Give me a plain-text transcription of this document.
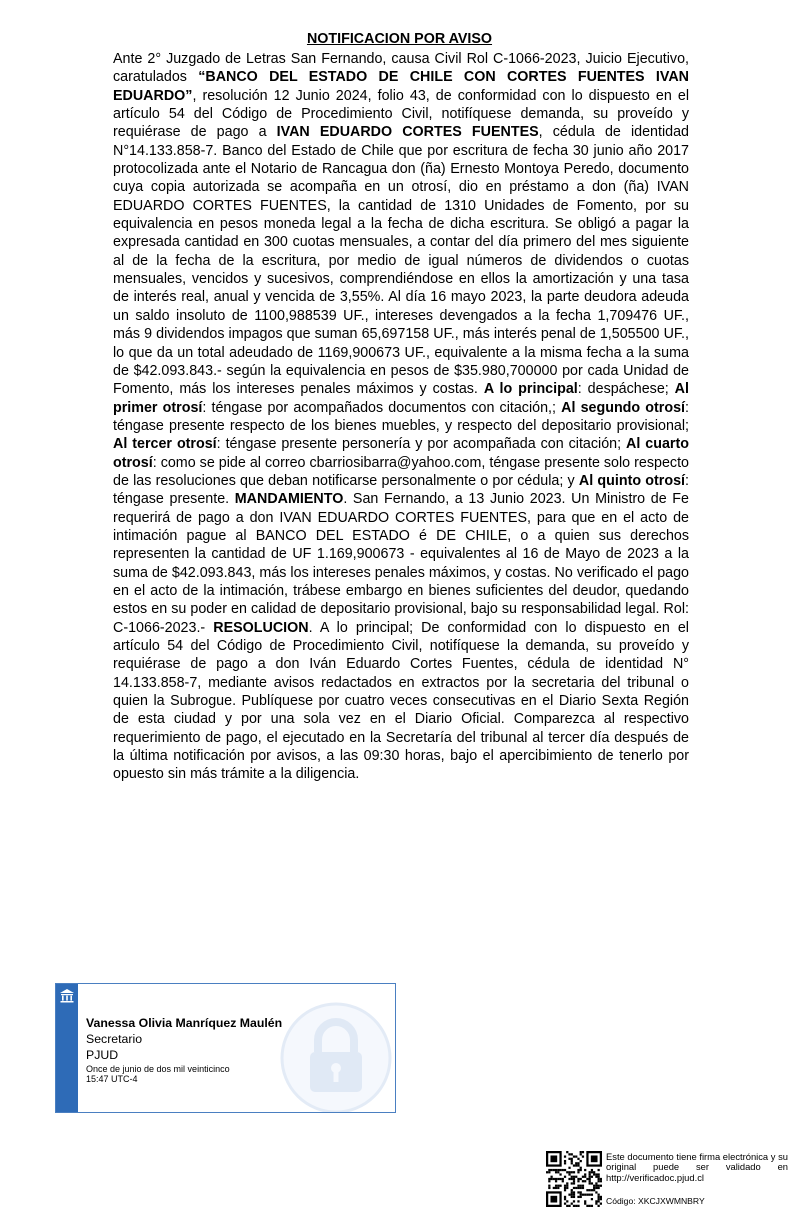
NOTIFICACION POR AVISO
Ante 2° Juzgado de Letras San Fernando, causa Civil Rol C-1066-2023, Juicio Ejecutivo, caratulados “BANCO DEL ESTADO DE CHILE CON CORTES FUENTES IVAN EDUARDO”, resolución 12 Junio 2024, folio 43, de conformidad con lo dispuesto en el artículo 54 del Código de Procedimiento Civil, notifíquese demanda, su proveído y requiérase de pago a IVAN EDUARDO CORTES FUENTES, cédula de identidad N°14.133.858-7. Banco del Estado de Chile que por escritura de fecha 30 junio año 2017 protocolizada ante el Notario de Rancagua don (ña) Ernesto Montoya Peredo, documento cuya copia autorizada se acompaña en un otrosí, dio en préstamo a don (ña) IVAN EDUARDO CORTES FUENTES, la cantidad de 1310 Unidades de Fomento, por su equivalencia en pesos moneda legal a la fecha de dicha escritura. Se obligó a pagar la expresada cantidad en 300 cuotas mensuales, a contar del día primero del mes siguiente al de la fecha de la escritura, por medio de igual números de dividendos o cuotas mensuales, vencidos y sucesivos, comprendiéndose en ellos la amortización y una tasa de interés real, anual y vencida de 3,55%. Al día 16 mayo 2023, la parte deudora adeuda un saldo insoluto de 1100,988539 UF., intereses devengados a la fecha 1,709476 UF., más 9 dividendos impagos que suman 65,697158 UF., más interés penal de 1,505500 UF., lo que da un total adeudado de 1169,900673 UF., equivalente a la misma fecha a la suma de $42.093.843.- según la equivalencia en pesos de $35.980,700000 por cada Unidad de Fomento, más los intereses penales máximos y costas. A lo principal: despáchese; Al primer otrosí: téngase por acompañados documentos con citación,; Al segundo otrosí: téngase presente respecto de los bienes muebles, y respecto del depositario provisional; Al tercer otrosí: téngase presente personería y por acompañada con citación; Al cuarto otrosí: como se pide al correo cbarriosibarra@yahoo.com, téngase presente solo respecto de las resoluciones que deban notificarse personalmente o por cédula; y Al quinto otrosí: téngase presente. MANDAMIENTO. San Fernando, a 13 Junio 2023. Un Ministro de Fe requerirá de pago a don IVAN EDUARDO CORTES FUENTES, para que en el acto de intimación pague al BANCO DEL ESTADO é DE CHILE, o a quien sus derechos representen la cantidad de UF 1.169,900673 - equivalentes al 16 de Mayo de 2023 a la suma de $42.093.843, más los intereses penales máximos, y costas. No verificado el pago en el acto de la intimación, trábese embargo en bienes suficientes del deudor, quedando estos en su poder en calidad de depositario provisional, bajo su responsabilidad legal. Rol: C-1066-2023.- RESOLUCION. A lo principal; De conformidad con lo dispuesto en el artículo 54 del Código de Procedimiento Civil, notifíquese la demanda, su proveído y requiérase de pago a don Iván Eduardo Cortes Fuentes, cédula de identidad N° 14.133.858-7, mediante avisos redactados en extractos por la secretaria del tribunal o quien la Subrogue. Publíquese por cuatro veces consecutivas en el Diario Sexta Región de esta ciudad y por una sola vez en el Diario Oficial. Comparezca al respectivo requerimiento de pago, el ejecutado en la Secretaría del tribunal al tercer día después de la última notificación por avisos, a las 09:30 horas, bajo el apercibimiento de tenerlo por opuesto sin más trámite a la diligencia.
Vanessa Olivia Manríquez Maulén
Secretario
PJUD
Once de junio de dos mil veinticinco
15:47 UTC-4
Este documento tiene firma electrónica y su original puede ser validado en http://verificadoc.pjud.cl
Código: XKCJXWMNBRY
